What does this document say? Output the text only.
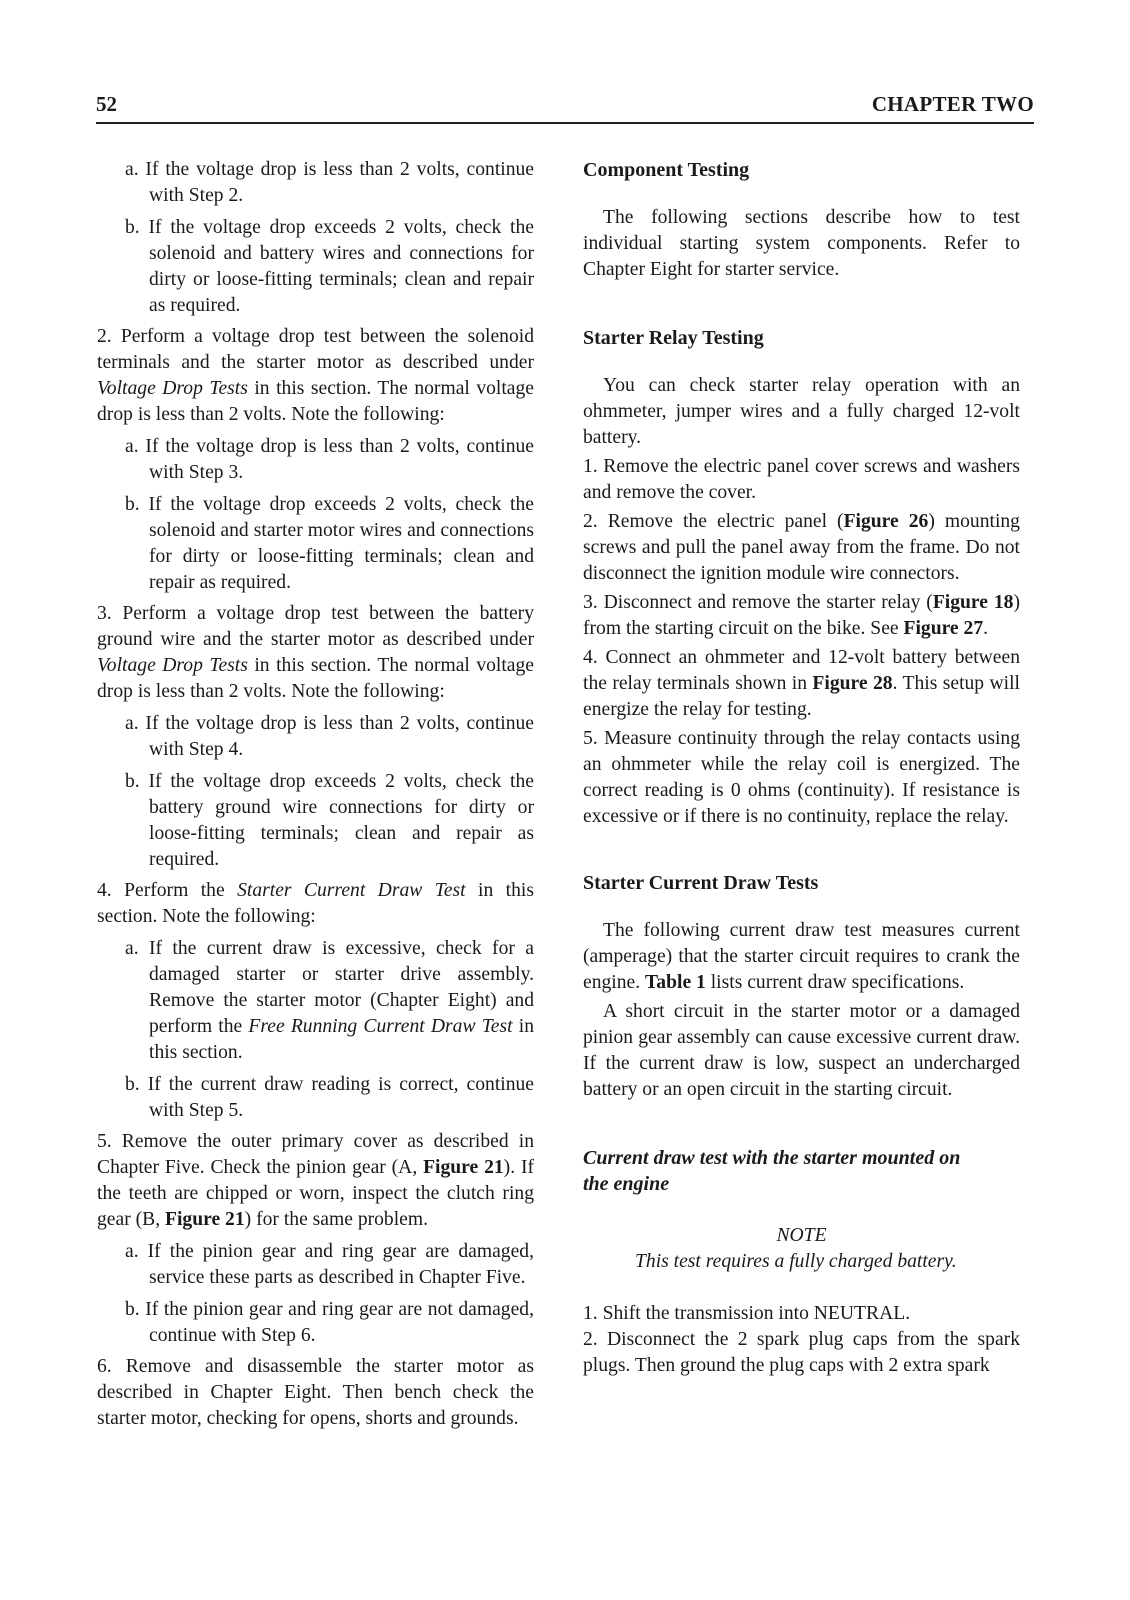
52	CHAPTER TWO

a. If the voltage drop is less than 2 volts, continue with Step 2.

b. If the voltage drop exceeds 2 volts, check the solenoid and battery wires and connections for dirty or loose-fitting terminals; clean and repair as required.

2. Perform a voltage drop test between the solenoid terminals and the starter motor as described under Voltage Drop Tests in this section. The normal voltage drop is less than 2 volts. Note the following:

a. If the voltage drop is less than 2 volts, continue with Step 3.

b. If the voltage drop exceeds 2 volts, check the solenoid and starter motor wires and connections for dirty or loose-fitting terminals; clean and repair as required.

3. Perform a voltage drop test between the battery ground wire and the starter motor as described under Voltage Drop Tests in this section. The normal voltage drop is less than 2 volts. Note the following:

a. If the voltage drop is less than 2 volts, continue with Step 4.

b. If the voltage drop exceeds 2 volts, check the battery ground wire connections for dirty or loose-fitting terminals; clean and repair as required.

4. Perform the Starter Current Draw Test in this section. Note the following:

a. If the current draw is excessive, check for a damaged starter or starter drive assembly. Remove the starter motor (Chapter Eight) and perform the Free Running Current Draw Test in this section.

b. If the current draw reading is correct, continue with Step 5.

5. Remove the outer primary cover as described in Chapter Five. Check the pinion gear (A, Figure 21). If the teeth are chipped or worn, inspect the clutch ring gear (B, Figure 21) for the same problem.

a. If the pinion gear and ring gear are damaged, service these parts as described in Chapter Five.

b. If the pinion gear and ring gear are not damaged, continue with Step 6.

6. Remove and disassemble the starter motor as described in Chapter Eight. Then bench check the starter motor, checking for opens, shorts and grounds.

Component Testing

The following sections describe how to test individual starting system components. Refer to Chapter Eight for starter service.

Starter Relay Testing

You can check starter relay operation with an ohmmeter, jumper wires and a fully charged 12-volt battery.

1. Remove the electric panel cover screws and washers and remove the cover.

2. Remove the electric panel (Figure 26) mounting screws and pull the panel away from the frame. Do not disconnect the ignition module wire connectors.

3. Disconnect and remove the starter relay (Figure 18) from the starting circuit on the bike. See Figure 27.

4. Connect an ohmmeter and 12-volt battery between the relay terminals shown in Figure 28. This setup will energize the relay for testing.

5. Measure continuity through the relay contacts using an ohmmeter while the relay coil is energized. The correct reading is 0 ohms (continuity). If resistance is excessive or if there is no continuity, replace the relay.

Starter Current Draw Tests

The following current draw test measures current (amperage) that the starter circuit requires to crank the engine. Table 1 lists current draw specifications.

A short circuit in the starter motor or a damaged pinion gear assembly can cause excessive current draw. If the current draw is low, suspect an undercharged battery or an open circuit in the starting circuit.

Current draw test with the starter mounted on the engine
NOTE

This test requires a fully charged battery.

1. Shift the transmission into NEUTRAL.

2. Disconnect the 2 spark plug caps from the spark plugs. Then ground the plug caps with 2 extra spark
